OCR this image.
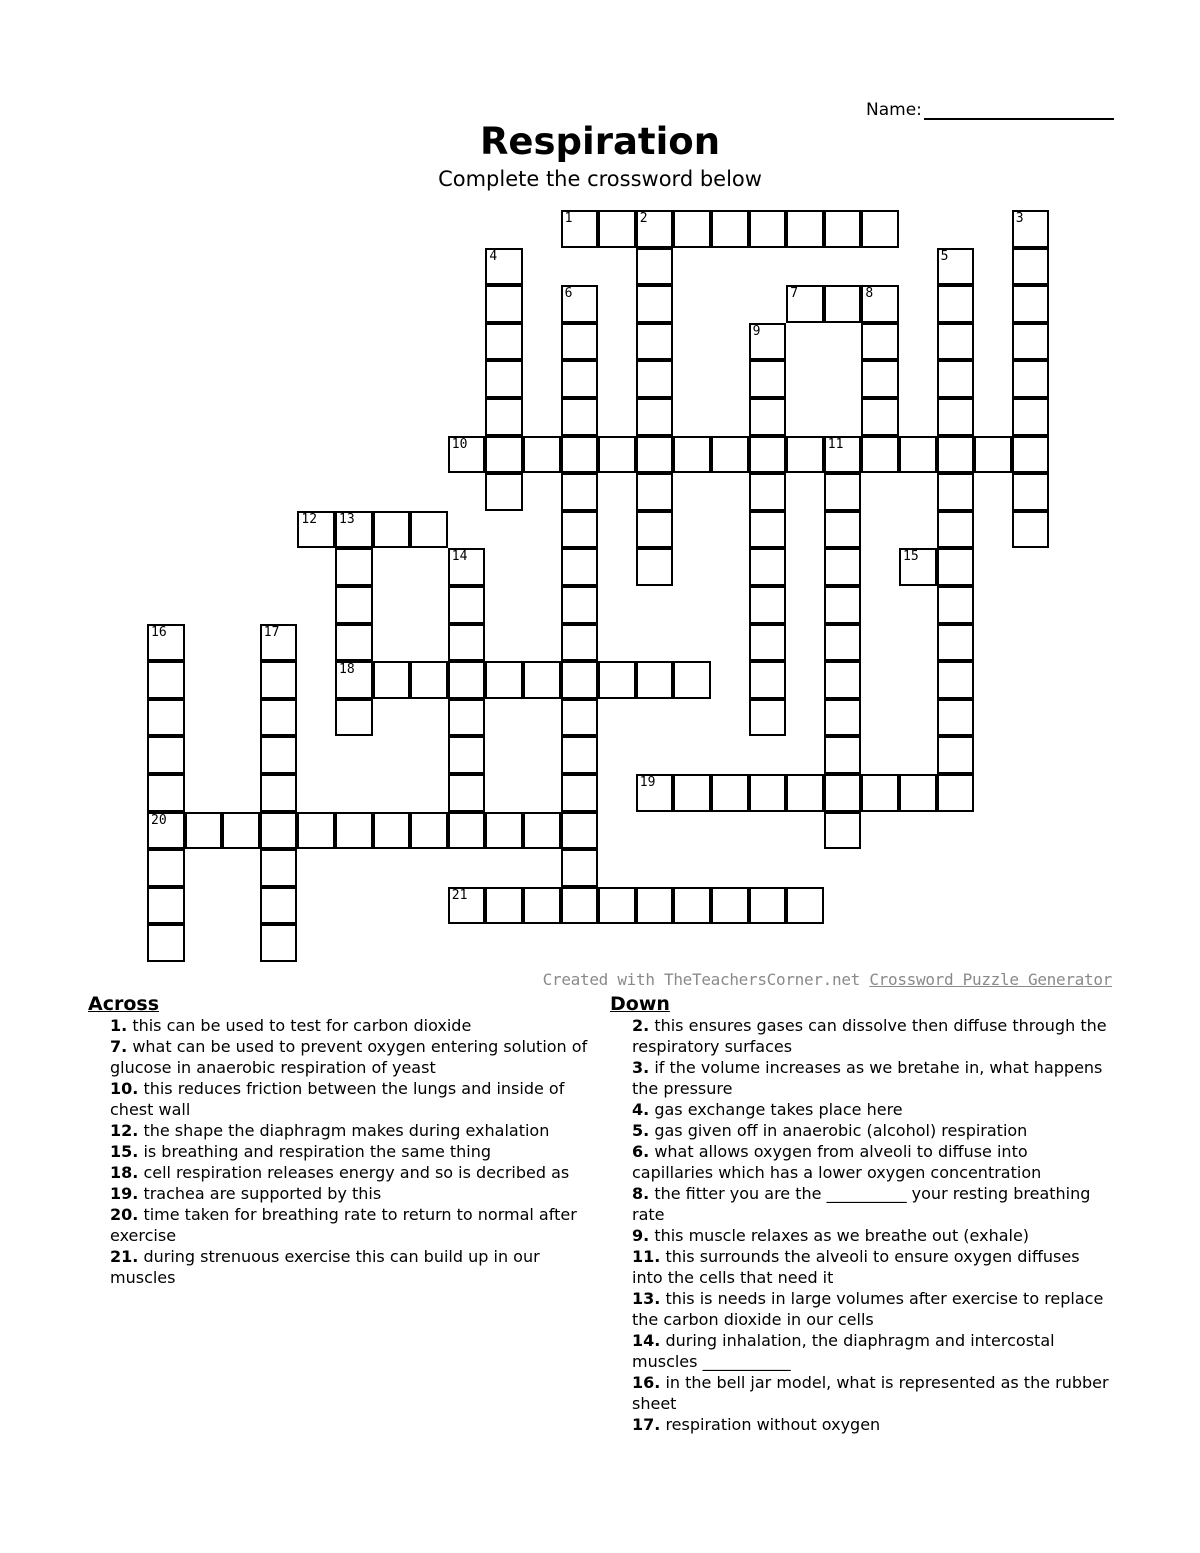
Name:
Respiration
Complete the crossword below
1	2	3
4	5
6	7	8
9
10	11
12 13
18
14	15
16
20
17
19
21
Created with TheTeachersCorner.net Crossword Puzzle Generator
Across
1. this can be used to test for carbon dioxide
7. what can be used to prevent oxygen entering solution of glucose in anaerobic respiration of yeast
10. this reduces friction between the lungs and inside of chest wall
12. the shape the diaphragm makes during exhalation
15. is breathing and respiration the same thing
18. cell respiration releases energy and so is decribed as
19. trachea are supported by this
20. time taken for breathing rate to return to normal after exercise
21. during strenuous exercise this can build up in our muscles
Down
2. this ensures gases can dissolve then diffuse through the respiratory surfaces
3. if the volume increases as we bretahe in, what happens the pressure
4. gas exchange takes place here
5. gas given off in anaerobic (alcohol) respiration
6. what allows oxygen from alveoli to diffuse into capillaries which has a lower oxygen concentration
8. the fitter you are the __________ your resting breathing rate
9. this muscle relaxes as we breathe out (exhale)
11. this surrounds the alveoli to ensure oxygen diffuses into the cells that need it
13. this is needs in large volumes after exercise to replace the carbon dioxide in our cells
14. during inhalation, the diaphragm and intercostal muscles ___________
16. in the bell jar model, what is represented as the rubber sheet
17. respiration without oxygen
